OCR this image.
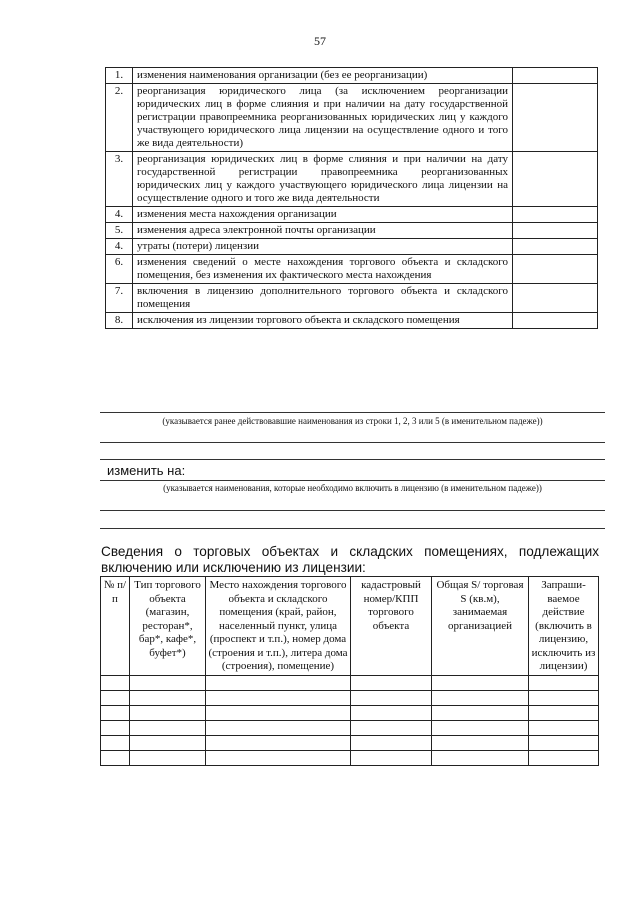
57
1.	изменения наименования организации (без ее реорганизации)	
2.	реорганизация юридического лица (за исключением реорганизации юридических лиц в форме слияния и при наличии на дату государственной регистрации правопреемника реорганизованных юридических лиц у каждого участвующего юридического лица лицензии на осуществление одного и того же вида деятельности)	
3.	реорганизация юридических лиц в форме слияния и при наличии на дату государственной регистрации правопреемника реорганизованных юридических лиц у каждого участвующего юридического лица лицензии на осуществление одного и того же вида деятельности	
4.	изменения места нахождения организации	
5.	изменения адреса электронной почты организации	
4.	утраты (потери) лицензии	
6.	изменения сведений о месте нахождения торгового объекта и складского помещения, без изменения их фактического места нахождения	
7.	включения в лицензию дополнительного торгового объекта и складского помещения	
8.	исключения из лицензии торгового объекта и складского помещения	
(указывается ранее действовавшие наименования из строки 1, 2, 3 или 5 (в именительном падеже))
изменить на:
(указывается наименования, которые необходимо включить в лицензию (в именительном падеже))
Сведения о торговых объектах и складских помещениях, подлежащих включению или исключению из лицензии:
№ п/п	Тип торгового объекта (магазин, ресторан*, бар*, кафе*, буфет*)	Место нахождения торгового объекта и складского помещения (край, район, населенный пункт, улица (проспект и т.п.), номер дома (строения и т.п.), литера дома (строения), помещение)	кадастровый номер/КПП торгового объекта	Общая S/ торговая S (кв.м), занимаемая организацией	Запраши-ваемое действие (включить в лицензию, исключить из лицензии)
